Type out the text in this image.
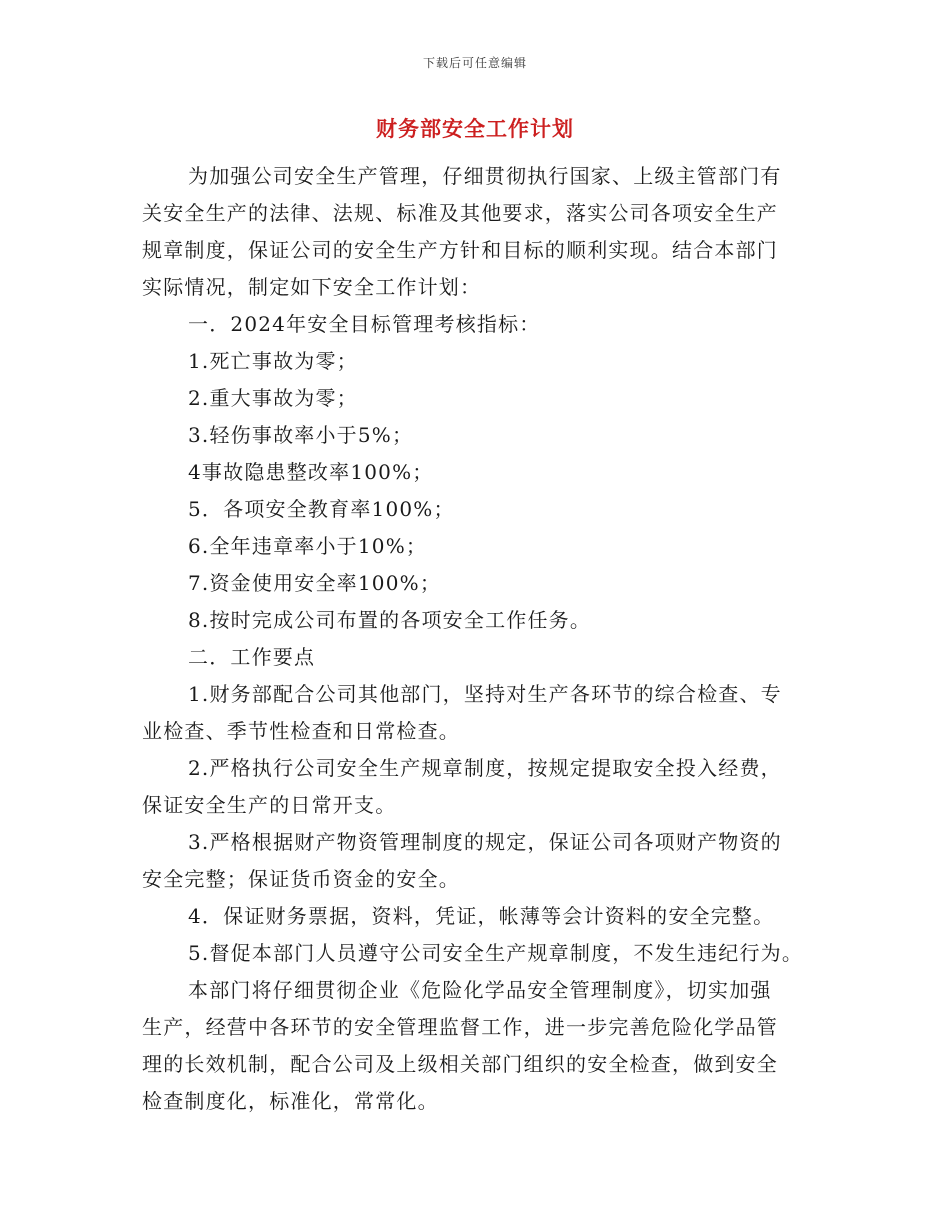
下载后可任意编辑
财务部安全工作计划

为加强公司安全生产管理，仔细贯彻执行国家、上级主管部门有

关安全生产的法律、法规、标准及其他要求，落实公司各项安全生产

规章制度，保证公司的安全生产方针和目标的顺利实现。结合本部门

实际情况，制定如下安全工作计划：

一．2024年安全目标管理考核指标：

1.死亡事故为零；

2.重大事故为零；

3.轻伤事故率小于5%；

4事故隐患整改率100%；

5．各项安全教育率100%；

6.全年违章率小于10%；

7.资金使用安全率100%；

8.按时完成公司布置的各项安全工作任务。

二．工作要点

1.财务部配合公司其他部门，坚持对生产各环节的综合检查、专

业检查、季节性检查和日常检查。

2.严格执行公司安全生产规章制度，按规定提取安全投入经费，

保证安全生产的日常开支。

3.严格根据财产物资管理制度的规定，保证公司各项财产物资的

安全完整；保证货币资金的安全。

4．保证财务票据，资料，凭证，帐薄等会计资料的安全完整。

5.督促本部门人员遵守公司安全生产规章制度，不发生违纪行为。

本部门将仔细贯彻企业《危险化学品安全管理制度》，切实加强

生产，经营中各环节的安全管理监督工作，进一步完善危险化学品管

理的长效机制，配合公司及上级相关部门组织的安全检查，做到安全

检查制度化，标准化，常常化。
